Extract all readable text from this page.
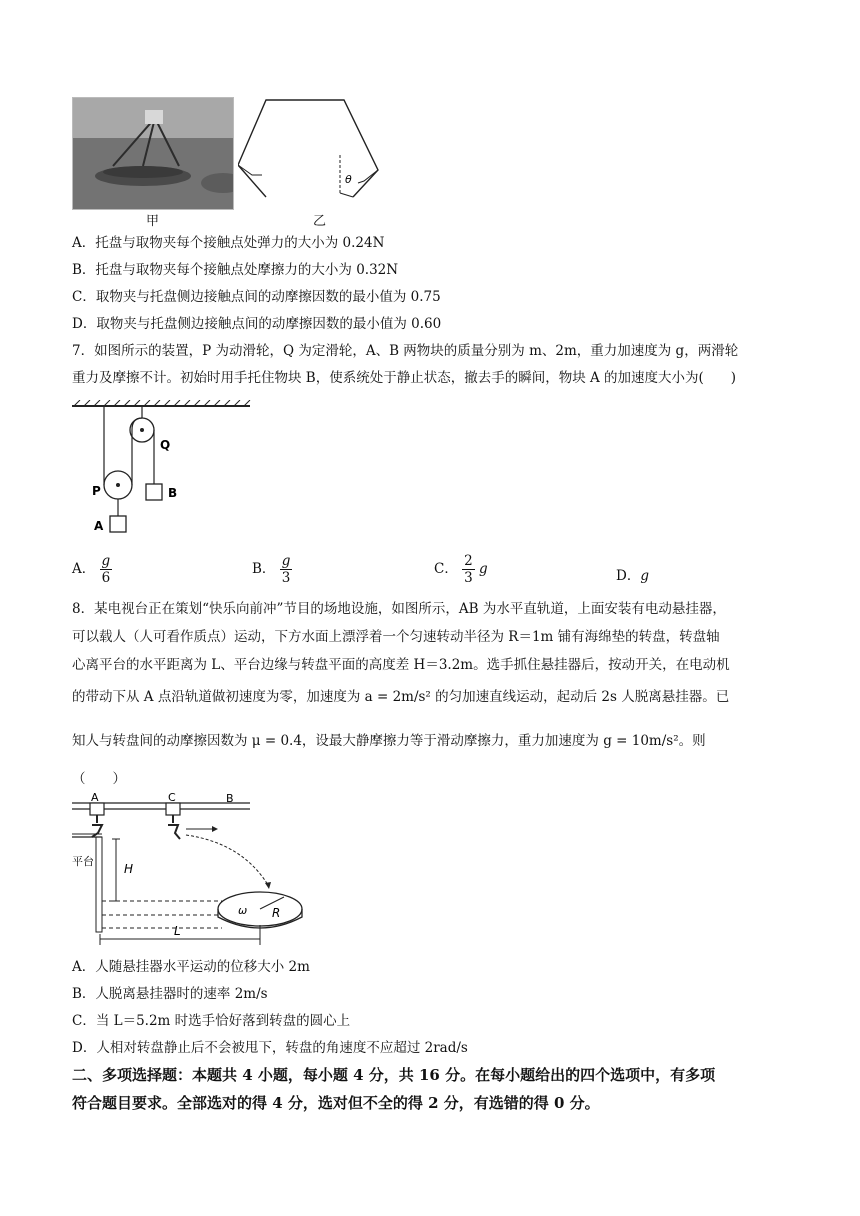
甲
θ
乙
A．托盘与取物夹每个接触点处弹力的大小为 0.24N
B．托盘与取物夹每个接触点处摩擦力的大小为 0.32N
C．取物夹与托盘侧边接触点间的动摩擦因数的最小值为 0.75
D．取物夹与托盘侧边接触点间的动摩擦因数的最小值为 0.60
7．如图所示的装置，P 为动滑轮，Q 为定滑轮，A、B 两物块的质量分别为 m、2m，重力加速度为 g，两滑轮
重力及摩擦不计。初始时用手托住物块 B，使系统处于静止状态，撤去手的瞬间，物块 A 的加速度大小为(　　)
Q
P
A
B
A． $\frac{g}{6}$	B． $\frac{g}{3}$	C． $\frac{2}{3}$ g	D．g
8．某电视台正在策划“快乐向前冲”节目的场地设施，如图所示，AB 为水平直轨道，上面安装有电动悬挂器，
可以载人（人可看作质点）运动，下方水面上漂浮着一个匀速转动半径为 R＝1m 铺有海绵垫的转盘，转盘轴
心离平台的水平距离为 L、平台边缘与转盘平面的高度差 H＝3.2m。选手抓住悬挂器后，按动开关，在电动机
的带动下从 A 点沿轨道做初速度为零，加速度为 a = 2m/s² 的匀加速直线运动，起动后 2s 人脱离悬挂器。已
知人与转盘间的动摩擦因数为 μ = 0.4，设最大静摩擦力等于滑动摩擦力，重力加速度为 g = 10m/s²。则
（　　）
A	C	B
平台
H
ω R
L
A．人随悬挂器水平运动的位移大小 2m
B．人脱离悬挂器时的速率 2m/s
C．当 L＝5.2m 时选手恰好落到转盘的圆心上
D．人相对转盘静止后不会被甩下，转盘的角速度不应超过 2rad/s
二、多项选择题：本题共 4 小题，每小题 4 分，共 16 分。在每小题给出的四个选项中，有多项
符合题目要求。全部选对的得 4 分，选对但不全的得 2 分，有选错的得 0 分。
